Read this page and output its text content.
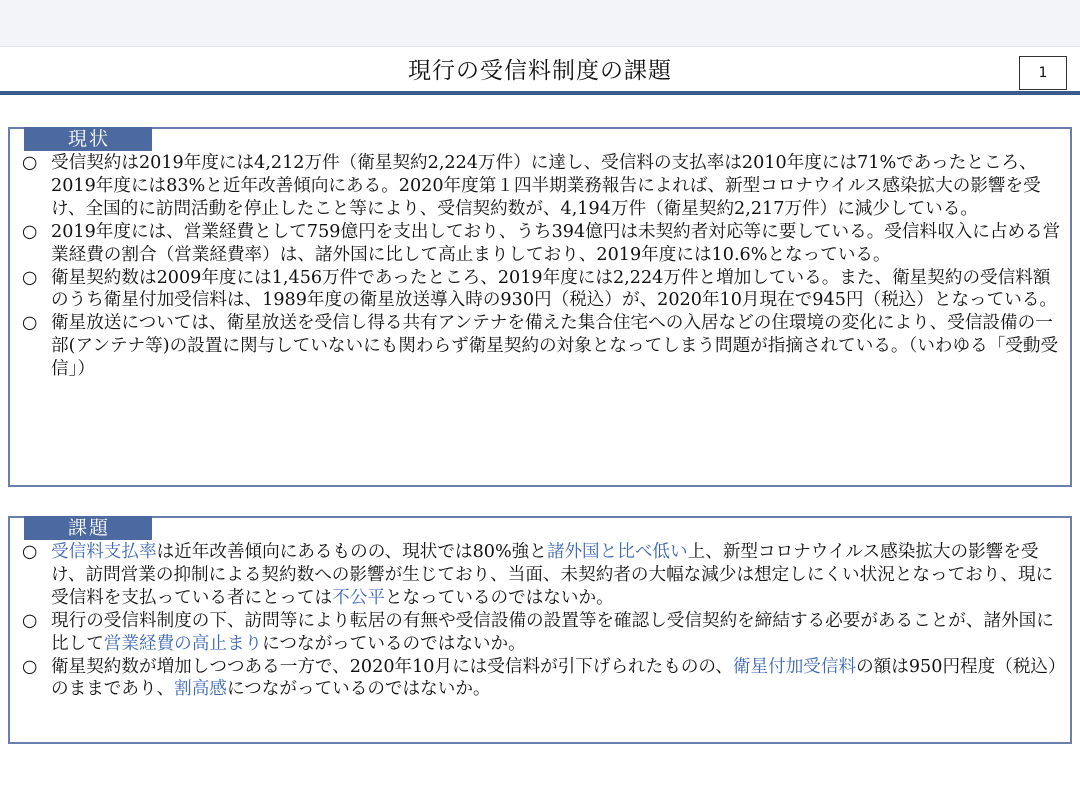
現行の受信料制度の課題	1
現状
○ 受信契約は2019年度には4,212万件（衛星契約2,224万件）に達し、受信料の支払率は2010年度には71%であったところ、2019年度には83%と近年改善傾向にある。2020年度第１四半期業務報告によれば、新型コロナウイルス感染拡大の影響を受け、全国的に訪問活動を停止したこと等により、受信契約数が、4,194万件（衛星契約2,217万件）に減少している。
○ 2019年度には、営業経費として759億円を支出しており、うち394億円は未契約者対応等に要している。受信料収入に占める営業経費の割合（営業経費率）は、諸外国に比して高止まりしており、2019年度には10.6%となっている。
○ 衛星契約数は2009年度には1,456万件であったところ、2019年度には2,224万件と増加している。また、衛星契約の受信料額のうち衛星付加受信料は、1989年度の衛星放送導入時の930円（税込）が、2020年10月現在で945円（税込）となっている。
○ 衛星放送については、衛星放送を受信し得る共有アンテナを備えた集合住宅への入居などの住環境の変化により、受信設備の一部(アンテナ等)の設置に関与していないにも関わらず衛星契約の対象となってしまう問題が指摘されている。（いわゆる「受動受信」）
課題
○ 受信料支払率は近年改善傾向にあるものの、現状では80%強と諸外国と比べ低い上、新型コロナウイルス感染拡大の影響を受け、訪問営業の抑制による契約数への影響が生じており、当面、未契約者の大幅な減少は想定しにくい状況となっており、現に受信料を支払っている者にとっては不公平となっているのではないか。
○ 現行の受信料制度の下、訪問等により転居の有無や受信設備の設置等を確認し受信契約を締結する必要があることが、諸外国に比して営業経費の高止まりにつながっているのではないか。
○ 衛星契約数が増加しつつある一方で、2020年10月には受信料が引下げられたものの、衛星付加受信料の額は950円程度（税込）のままであり、割高感につながっているのではないか。
